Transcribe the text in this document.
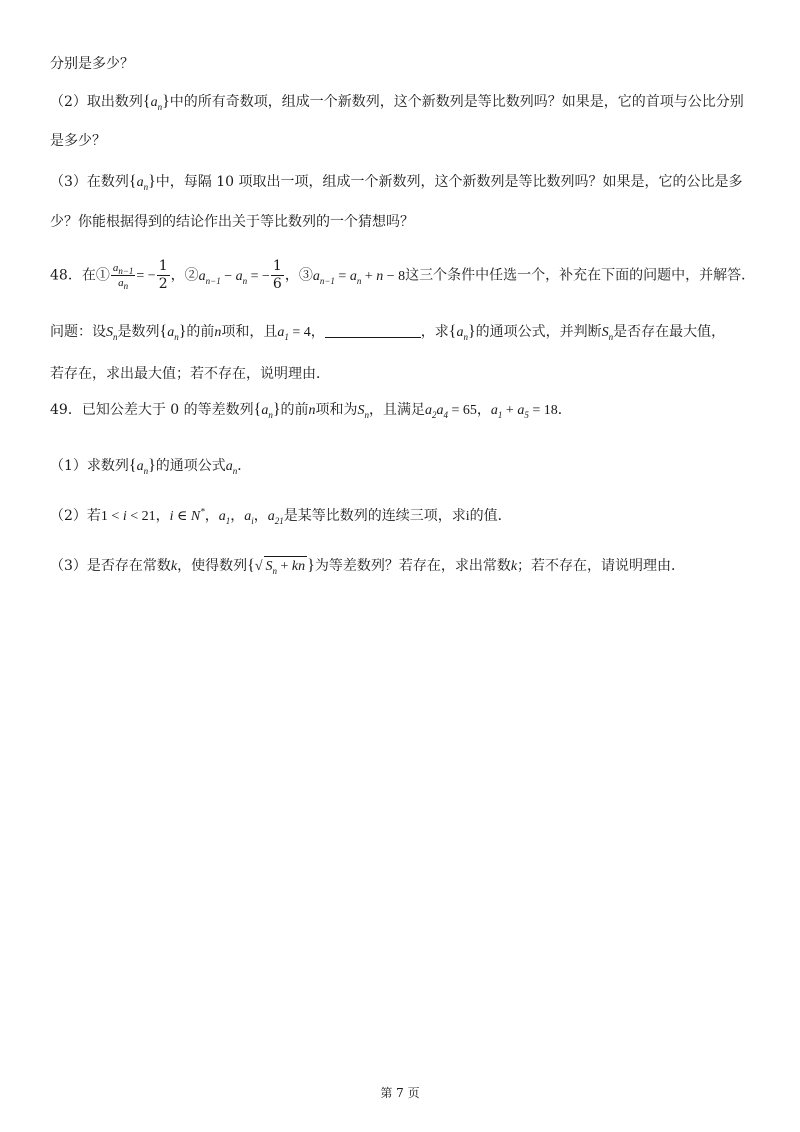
分别是多少？
（2）取出数列$\{a_n\}$中的所有奇数项，组成一个新数列，这个新数列是等比数列吗？如果是，它的首项与公比分别
是多少？
（3）在数列$\{a_n\}$中，每隔 10 项取出一项，组成一个新数列，这个新数列是等比数列吗？如果是，它的公比是多
少？你能根据得到的结论作出关于等比数列的一个猜想吗？
48．在① $\frac{a_{n-1}}{a_n}$ = − $\frac{1}{2}$ ，$②a_{n-1} - a_n$ = − $\frac{1}{6}$ ，$③a_{n-1} = a_n + n - 8$这三个条件中任选一个，补充在下面的问题中，并解答．
问题：设$S_n$是数列$\{a_n\}$的前n项和，且$a_1 = 4$，	，求$\{a_n\}$的通项公式，并判断$S_n$是否存在最大值，
若存在，求出最大值；若不存在，说明理由．
49．已知公差大于 0 的等差数列$\{a_n\}$的前n项和为$S_n$，且满足$a_2a_4 = 65$，$a_1 + a_5 = 18$．
（1）求数列$\{a_n\}$的通项公式$a_n$．
（2）若1 < i < 21，i ∈ N*，$a_1$，$a_i$，$a_{21}$是某等比数列的连续三项，求i的值．
（3）是否存在常数k，使得数列{√ $S_n$ + kn }为等差数列？若存在，求出常数k；若不存在，请说明理由．
第 7 页
